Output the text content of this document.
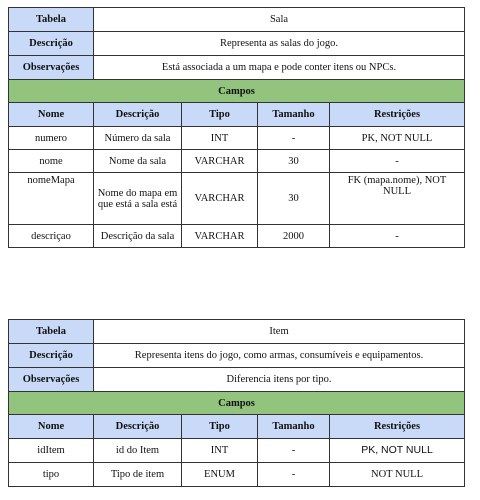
Tabela	Sala			
Descrição	Representa as salas do jogo.			
Observações	Está associada a um mapa e pode conter itens ou NPCs.			
Campos				
Nome	Descrição	Tipo	Tamanho	Restrições
numero	Número da sala	INT	-	PK, NOT NULL
nome	Nome da sala	VARCHAR	30	-
nomeMapa	Nome do mapa em que está a sala está	VARCHAR	30	FK (mapa.nome), NOT NULL
descriçao	Descrição da sala	VARCHAR	2000	-
Tabela	Item			
Descrição	Representa itens do jogo, como armas, consumíveis e equipamentos.			
Observações	Diferencia itens por tipo.			
Campos				
Nome	Descrição	Tipo	Tamanho	Restrições
idItem	id do Item	INT	-	PK, NOT NULL
tipo	Tipo de item	ENUM	-	NOT NULL
